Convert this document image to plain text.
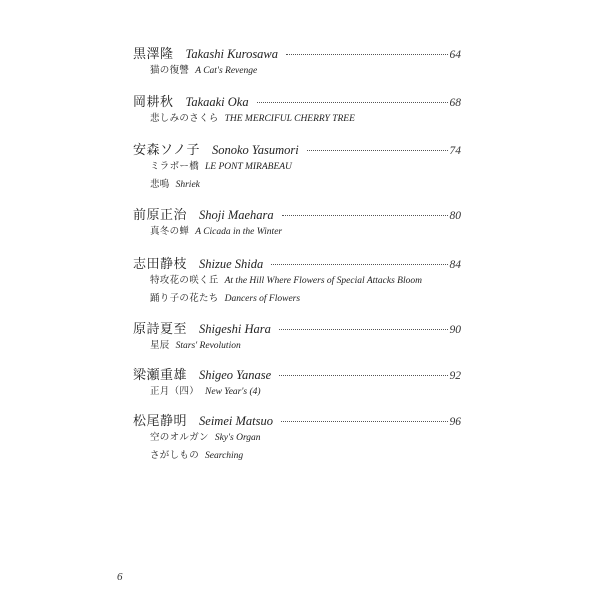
黒澤隆 Takashi Kurosawa	64
猫の復讐 A Cat's Revenge
岡耕秋 Takaaki Oka	68
悲しみのさくら THE MERCIFUL CHERRY TREE
安森ソノ子 Sonoko Yasumori	74
ミラボー橋 LE PONT MIRABEAU
悲鳴 Shriek
前原正治 Shoji Maehara	80
真冬の蝉 A Cicada in the Winter
志田静枝 Shizue Shida	84
特攻花の咲く丘 At the Hill Where Flowers of Special Attacks Bloom
踊り子の花たち Dancers of Flowers
原詩夏至 Shigeshi Hara	90
星辰 Stars' Revolution
梁瀬重雄 Shigeo Yanase	92
正月（四） New Year's (4)
松尾静明 Seimei Matsuo	96
空のオルガン Sky's Organ
さがしもの Searching
6
